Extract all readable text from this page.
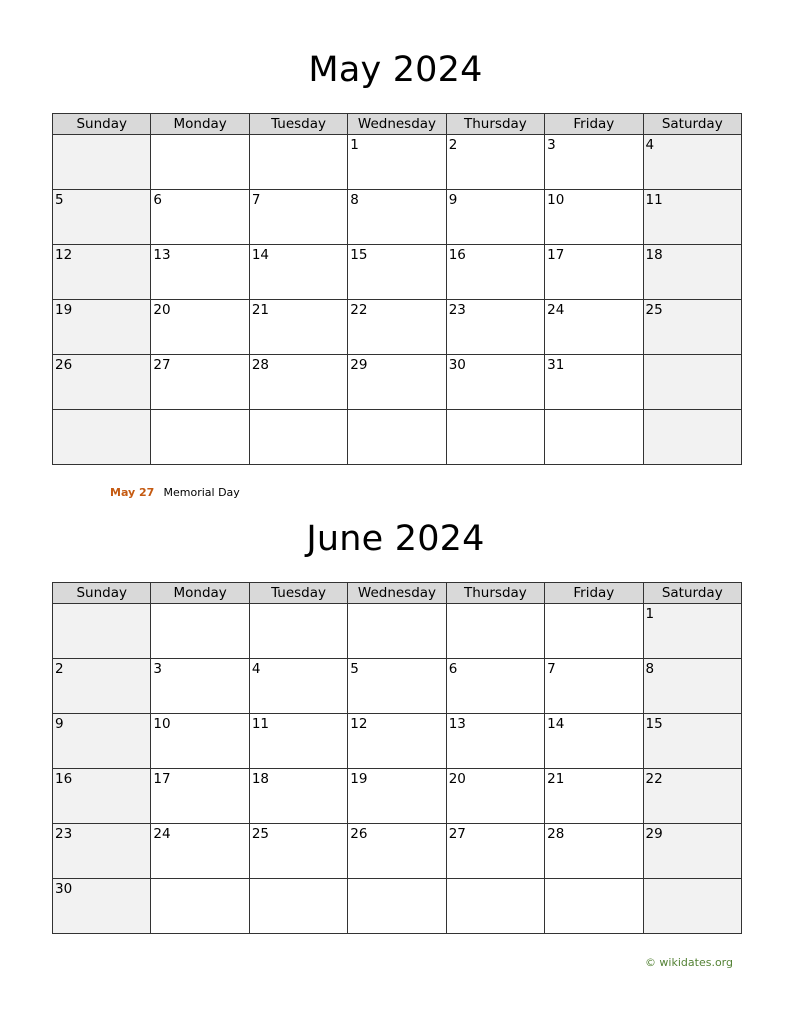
May 2024
Sunday	Monday	Tuesday	Wednesday	Thursday	Friday	Saturday

			1	2	3	4

5	6	7	8	9	10	11

12	13	14	15	16	17	18

19	20	21	22	23	24	25

26	27	28	29	30	31	

May 27 Memorial Day
June 2024
Sunday	Monday	Tuesday	Wednesday	Thursday	Friday	Saturday

						1

2	3	4	5	6	7	8

9	10	11	12	13	14	15

16	17	18	19	20	21	22

23	24	25	26	27	28	29

30						

© wikidates.org
